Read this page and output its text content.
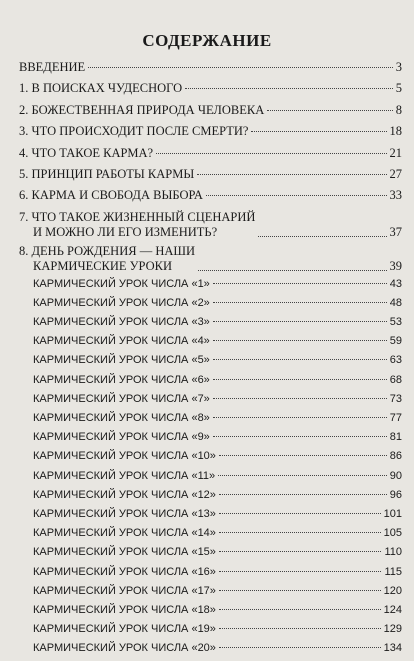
СОДЕРЖАНИЕ
ВВЕДЕНИЕ	3
1. В ПОИСКАХ ЧУДЕСНОГО	5
2. БОЖЕСТВЕННАЯ ПРИРОДА ЧЕЛОВЕКА	8
3. ЧТО ПРОИСХОДИТ ПОСЛЕ СМЕРТИ?	18
4. ЧТО ТАКОЕ КАРМА?	21
5. ПРИНЦИП РАБОТЫ КАРМЫ	27
6. КАРМА И СВОБОДА ВЫБОРА	33
7. ЧТО ТАКОЕ ЖИЗНЕННЫЙ СЦЕНАРИЙ
И МОЖНО ЛИ ЕГО ИЗМЕНИТЬ?	37
8. ДЕНЬ РОЖДЕНИЯ — НАШИ
КАРМИЧЕСКИЕ УРОКИ	39
КАРМИЧЕСКИЙ УРОК ЧИСЛА «1»	43
КАРМИЧЕСКИЙ УРОК ЧИСЛА «2»	48
КАРМИЧЕСКИЙ УРОК ЧИСЛА «3»	53
КАРМИЧЕСКИЙ УРОК ЧИСЛА «4»	59
КАРМИЧЕСКИЙ УРОК ЧИСЛА «5»	63
КАРМИЧЕСКИЙ УРОК ЧИСЛА «6»	68
КАРМИЧЕСКИЙ УРОК ЧИСЛА «7»	73
КАРМИЧЕСКИЙ УРОК ЧИСЛА «8»	77
КАРМИЧЕСКИЙ УРОК ЧИСЛА «9»	81
КАРМИЧЕСКИЙ УРОК ЧИСЛА «10»	86
КАРМИЧЕСКИЙ УРОК ЧИСЛА «11»	90
КАРМИЧЕСКИЙ УРОК ЧИСЛА «12»	96
КАРМИЧЕСКИЙ УРОК ЧИСЛА «13»	101
КАРМИЧЕСКИЙ УРОК ЧИСЛА «14»	105
КАРМИЧЕСКИЙ УРОК ЧИСЛА «15»	110
КАРМИЧЕСКИЙ УРОК ЧИСЛА «16»	115
КАРМИЧЕСКИЙ УРОК ЧИСЛА «17»	120
КАРМИЧЕСКИЙ УРОК ЧИСЛА «18»	124
КАРМИЧЕСКИЙ УРОК ЧИСЛА «19»	129
КАРМИЧЕСКИЙ УРОК ЧИСЛА «20»	134
